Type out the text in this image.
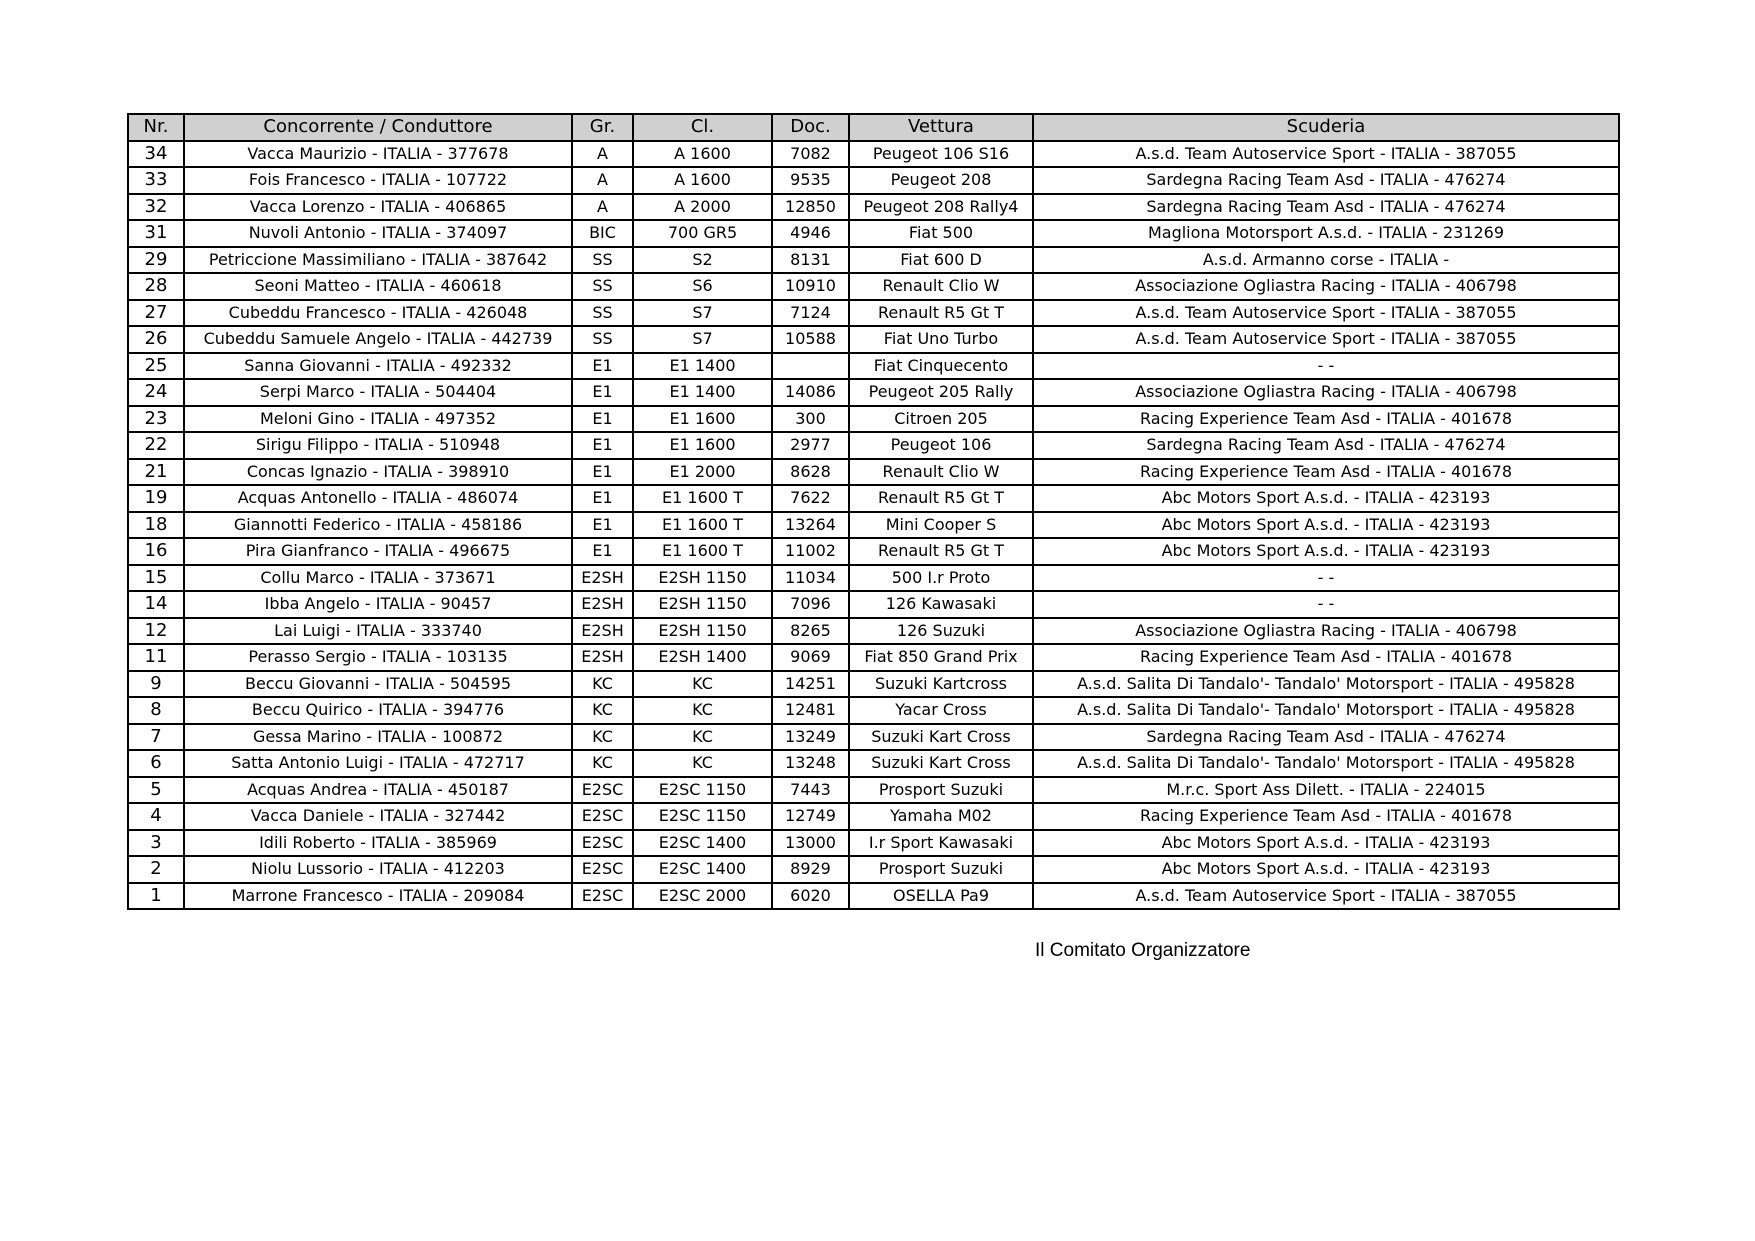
Nr.	Concorrente / Conduttore	Gr.	Cl.	Doc.	Vettura	Scuderia
34	Vacca Maurizio - ITALIA - 377678	A	A 1600	7082	Peugeot 106 S16	A.s.d. Team Autoservice Sport - ITALIA - 387055
33	Fois Francesco - ITALIA - 107722	A	A 1600	9535	Peugeot 208	Sardegna Racing Team Asd - ITALIA - 476274
32	Vacca Lorenzo - ITALIA - 406865	A	A 2000	12850	Peugeot 208 Rally4	Sardegna Racing Team Asd - ITALIA - 476274
31	Nuvoli Antonio - ITALIA - 374097	BIC	700 GR5	4946	Fiat 500	Magliona Motorsport A.s.d. - ITALIA - 231269
29	Petriccione Massimiliano - ITALIA - 387642	SS	S2	8131	Fiat 600 D	A.s.d. Armanno corse - ITALIA -
28	Seoni Matteo - ITALIA - 460618	SS	S6	10910	Renault Clio W	Associazione Ogliastra Racing - ITALIA - 406798
27	Cubeddu Francesco - ITALIA - 426048	SS	S7	7124	Renault R5 Gt T	A.s.d. Team Autoservice Sport - ITALIA - 387055
26	Cubeddu Samuele Angelo - ITALIA - 442739	SS	S7	10588	Fiat Uno Turbo	A.s.d. Team Autoservice Sport - ITALIA - 387055
25	Sanna Giovanni - ITALIA - 492332	E1	E1 1400		Fiat Cinquecento	- -
24	Serpi Marco - ITALIA - 504404	E1	E1 1400	14086	Peugeot 205 Rally	Associazione Ogliastra Racing - ITALIA - 406798
23	Meloni Gino - ITALIA - 497352	E1	E1 1600	300	Citroen 205	Racing Experience Team Asd - ITALIA - 401678
22	Sirigu Filippo - ITALIA - 510948	E1	E1 1600	2977	Peugeot 106	Sardegna Racing Team Asd - ITALIA - 476274
21	Concas Ignazio - ITALIA - 398910	E1	E1 2000	8628	Renault Clio W	Racing Experience Team Asd - ITALIA - 401678
19	Acquas Antonello - ITALIA - 486074	E1	E1 1600 T	7622	Renault R5 Gt T	Abc Motors Sport A.s.d. - ITALIA - 423193
18	Giannotti Federico - ITALIA - 458186	E1	E1 1600 T	13264	Mini Cooper S	Abc Motors Sport A.s.d. - ITALIA - 423193
16	Pira Gianfranco - ITALIA - 496675	E1	E1 1600 T	11002	Renault R5 Gt T	Abc Motors Sport A.s.d. - ITALIA - 423193
15	Collu Marco - ITALIA - 373671	E2SH	E2SH 1150	11034	500 I.r Proto	- -
14	Ibba Angelo - ITALIA - 90457	E2SH	E2SH 1150	7096	126 Kawasaki	- -
12	Lai Luigi - ITALIA - 333740	E2SH	E2SH 1150	8265	126 Suzuki	Associazione Ogliastra Racing - ITALIA - 406798
11	Perasso Sergio - ITALIA - 103135	E2SH	E2SH 1400	9069	Fiat 850 Grand Prix	Racing Experience Team Asd - ITALIA - 401678
9	Beccu Giovanni - ITALIA - 504595	KC	KC	14251	Suzuki Kartcross	A.s.d. Salita Di Tandalo'- Tandalo' Motorsport - ITALIA - 495828
8	Beccu Quirico - ITALIA - 394776	KC	KC	12481	Yacar Cross	A.s.d. Salita Di Tandalo'- Tandalo' Motorsport - ITALIA - 495828
7	Gessa Marino - ITALIA - 100872	KC	KC	13249	Suzuki Kart Cross	Sardegna Racing Team Asd - ITALIA - 476274
6	Satta Antonio Luigi - ITALIA - 472717	KC	KC	13248	Suzuki Kart Cross	A.s.d. Salita Di Tandalo'- Tandalo' Motorsport - ITALIA - 495828
5	Acquas Andrea - ITALIA - 450187	E2SC	E2SC 1150	7443	Prosport Suzuki	M.r.c. Sport Ass Dilett. - ITALIA - 224015
4	Vacca Daniele - ITALIA - 327442	E2SC	E2SC 1150	12749	Yamaha M02	Racing Experience Team Asd - ITALIA - 401678
3	Idili Roberto - ITALIA - 385969	E2SC	E2SC 1400	13000	I.r Sport Kawasaki	Abc Motors Sport A.s.d. - ITALIA - 423193
2	Niolu Lussorio - ITALIA - 412203	E2SC	E2SC 1400	8929	Prosport Suzuki	Abc Motors Sport A.s.d. - ITALIA - 423193
1	Marrone Francesco - ITALIA - 209084	E2SC	E2SC 2000	6020	OSELLA Pa9	A.s.d. Team Autoservice Sport - ITALIA - 387055
Il Comitato Organizzatore
